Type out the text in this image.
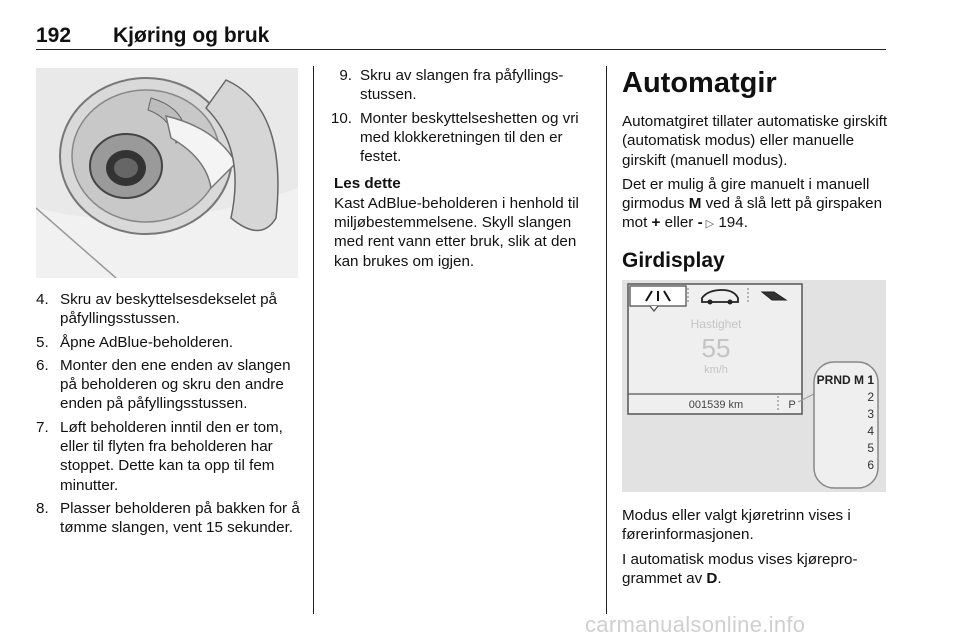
192 Kjøring og bruk
4. Skru av beskyttelsesdekselet på påfyllingsstussen.
5. Åpne AdBlue-beholderen.
6. Monter den ene enden av slangen på beholderen og skru den andre enden på påfyllingsstussen.
7. Løft beholderen inntil den er tom, eller til flyten fra beholderen har stoppet. Dette kan ta opp til fem minutter.
8. Plasser beholderen på bakken for å tømme slangen, vent 15 sekunder.
9. Skru av slangen fra påfyllingsstussen.
10. Monter beskyttelseshetten og vri med klokkeretningen til den er festet.
Les dette
Kast AdBlue-beholderen i henhold til miljøbestemmelsene. Skyll slangen med rent vann etter bruk, slik at den kan brukes om igjen.
Automatgir

Automatgiret tillater automatiske girskift (automatisk modus) eller manuelle girskift (manuell modus).

Det er mulig å gire manuelt i manuell girmodus M ved å slå lett på girspaken mot + eller - ▷ 194.

Girdisplay
Hastighet
55
km/h
001539 km	P
PRND M 1
2
3
4
5
6

Modus eller valgt kjøretrinn vises i førerinformasjonen.

I automatisk modus vises kjøreprogrammet av D.

carmanualsonline.info
